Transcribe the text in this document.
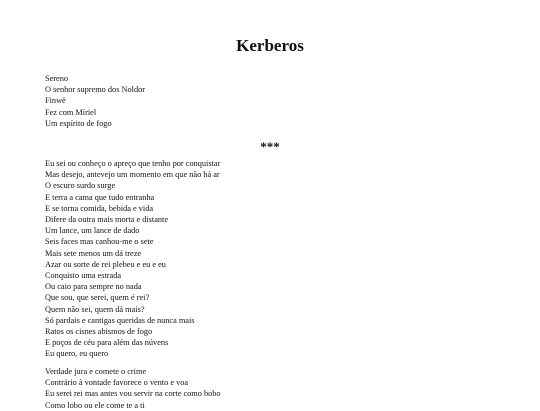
Kerberos
Sereno
O senhor supremo dos Noldor
Finwë
Fez com Míriel
Um espírito de fogo
***
Eu sei ou conheço o apreço que tenho por conquistar
Mas desejo, antevejo um momento em que não há ar
O escuro surdo surge
E terra a cama que tudo entranha
E se torna comida, bebida e vida
Difere da outra mais morta e distante
Um lance, um lance de dado
Seis faces mas canhou-me o sete
Mais sete menos um dá treze
Azar ou sorte de rei plebeu e eu e eu
Conquisto uma estrada
Ou caio para sempre no nada
Que sou, que serei, quem é rei?
Quem não sei, quem dá mais?
Só pardais e cantigas queridas de nunca mais
Ratos os cisnes abismos de fogo
E poços de céu para além das núvens
Eu quero, eu quero
Verdade jura e comete o crime
Contrário à vontade favorece o vento e voa
Eu serei rei mas antes vou servir na corte como bobo
Como lobo ou ele come te a ti
